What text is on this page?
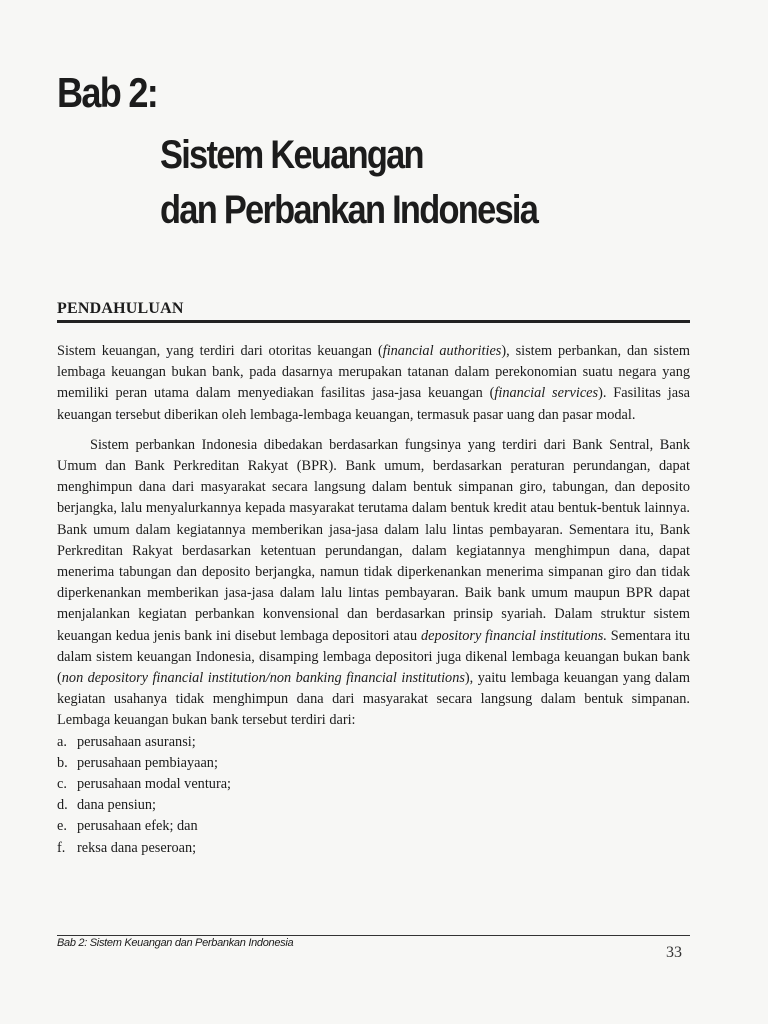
Bab 2:
Sistem Keuangan
dan Perbankan Indonesia
PENDAHULUAN

Sistem keuangan, yang terdiri dari otoritas keuangan (financial authorities), sistem perbankan, dan sistem lembaga keuangan bukan bank, pada dasarnya merupakan tatanan dalam perekonomian suatu negara yang memiliki peran utama dalam menyediakan fasilitas jasa-jasa keuangan (financial services). Fasilitas jasa keuangan tersebut diberikan oleh lembaga-lembaga keuangan, termasuk pasar uang dan pasar modal.

Sistem perbankan Indonesia dibedakan berdasarkan fungsinya yang terdiri dari Bank Sentral, Bank Umum dan Bank Perkreditan Rakyat (BPR). Bank umum, berdasarkan peraturan perundangan, dapat menghimpun dana dari masyarakat secara langsung dalam bentuk simpanan giro, tabungan, dan deposito berjangka, lalu menyalurkannya kepada masyarakat terutama dalam bentuk kredit atau bentuk-bentuk lainnya. Bank umum dalam kegiatannya memberikan jasa-jasa dalam lalu lintas pembayaran. Sementara itu, Bank Perkreditan Rakyat berdasarkan ketentuan perundangan, dalam kegiatannya menghimpun dana, dapat menerima tabungan dan deposito berjangka, namun tidak diperkenankan menerima simpanan giro dan tidak diperkenankan memberikan jasa-jasa dalam lalu lintas pembayaran. Baik bank umum maupun BPR dapat menjalankan kegiatan perbankan konvensional dan berdasarkan prinsip syariah. Dalam struktur sistem keuangan kedua jenis bank ini disebut lembaga depositori atau depository financial institutions. Sementara itu dalam sistem keuangan Indonesia, disamping lembaga depositori juga dikenal lembaga keuangan bukan bank (non depository financial institution/non banking financial institutions), yaitu lembaga keuangan yang dalam kegiatan usahanya tidak menghimpun dana dari masyarakat secara langsung dalam bentuk simpanan. Lembaga keuangan bukan bank tersebut terdiri dari:

a. perusahaan asuransi;
b. perusahaan pembiayaan;
c. perusahaan modal ventura;
d. dana pensiun;
e. perusahaan efek; dan
f. reksa dana peseroan;
Bab 2: Sistem Keuangan dan Perbankan Indonesia
33
